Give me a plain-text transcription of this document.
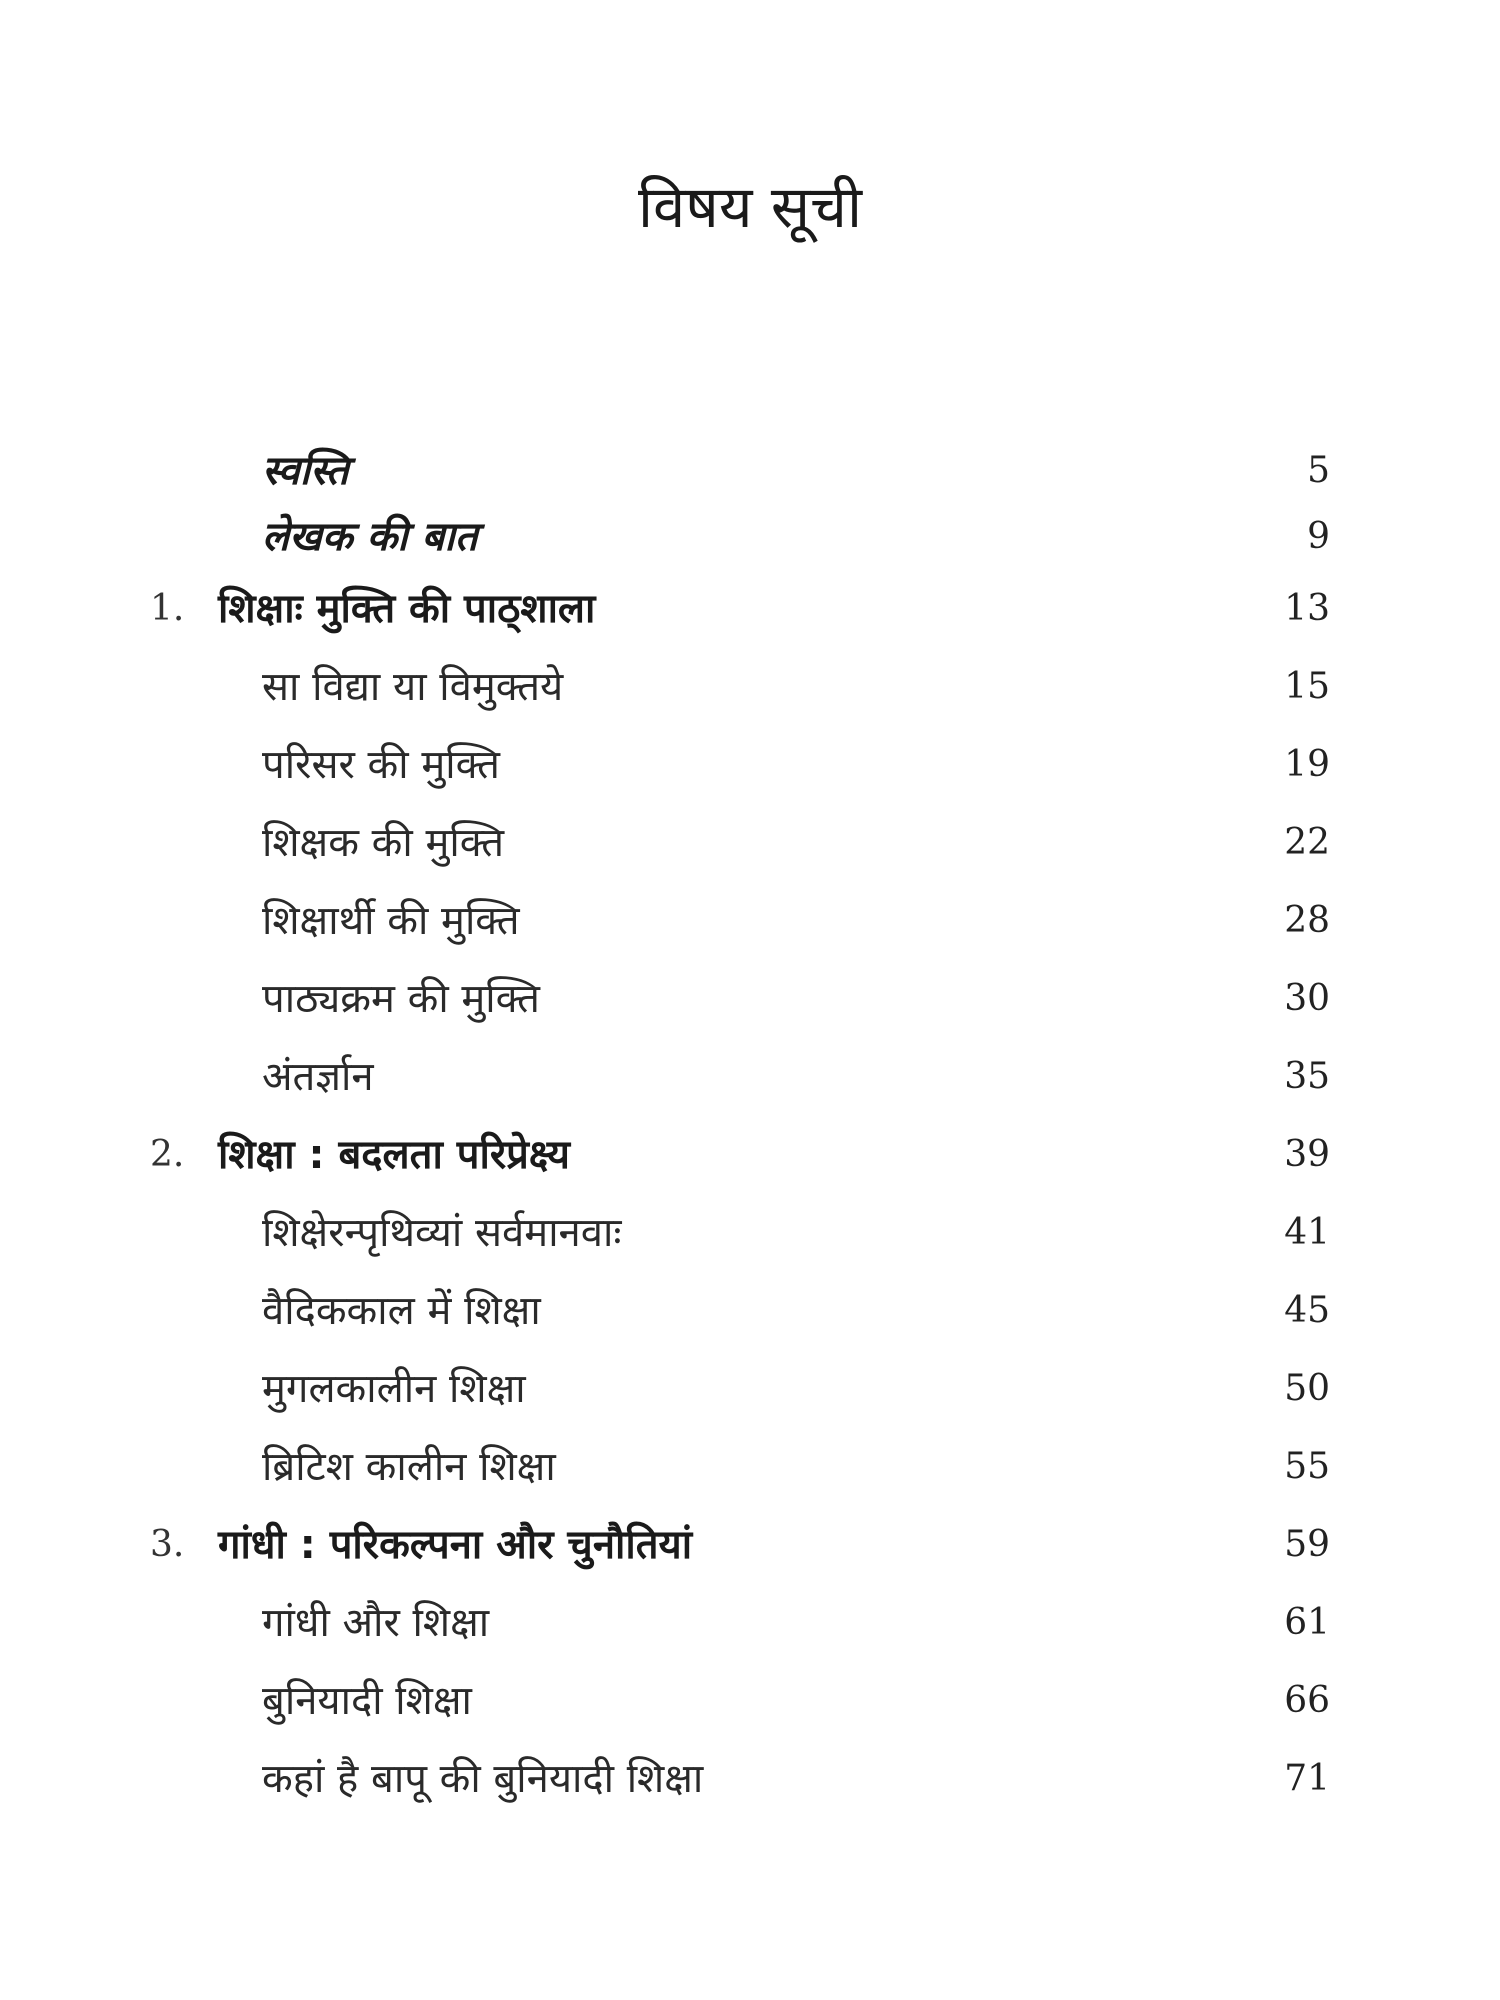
विषय सूची
स्वस्ति	5
लेखक की बात	9
1. शिक्षाः मुक्ति की पाठ्शाला	13
सा विद्या या विमुक्तये	15
परिसर की मुक्ति	19
शिक्षक की मुक्ति	22
शिक्षार्थी की मुक्ति	28
पाठ्यक्रम की मुक्ति	30
अंतर्ज्ञान	35
2. शिक्षा : बदलता परिप्रेक्ष्य	39
शिक्षेरन्पृथिव्यां सर्वमानवाः	41
वैदिककाल में शिक्षा	45
मुगलकालीन शिक्षा	50
ब्रिटिश कालीन शिक्षा	55
3. गांधी : परिकल्पना और चुनौतियां	59
गांधी और शिक्षा	61
बुनियादी शिक्षा	66
कहां है बापू की बुनियादी शिक्षा	71
